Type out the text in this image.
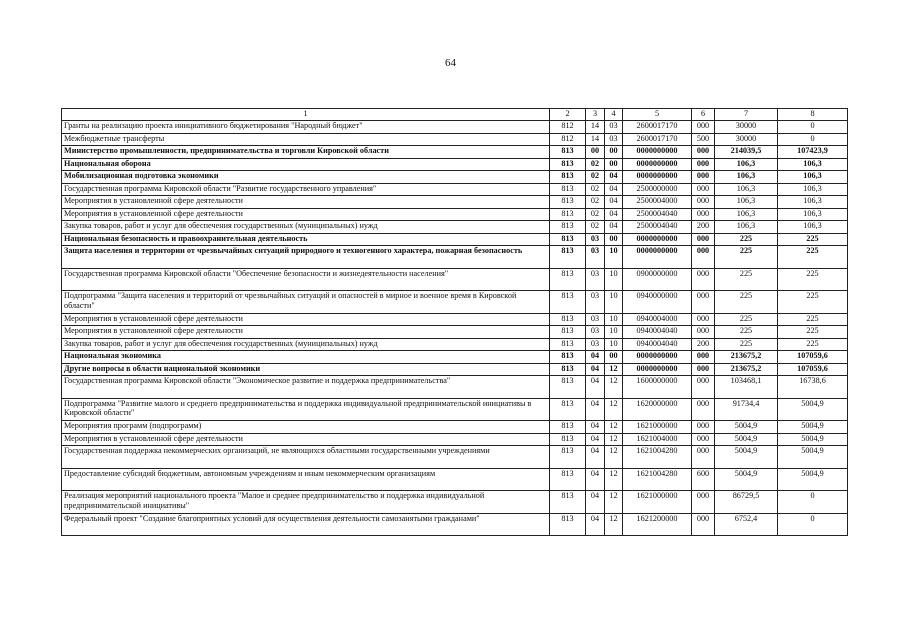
64
1	2	3	4	5	6	7	8
Гранты на реализацию проекта инициативного бюджетирования "Народный бюджет"	812	14	03	2600017170	000	30000	0
Межбюджетные трансферты	812	14	03	2600017170	500	30000	0
Министерство промышленности, предпринимательства и торговли Кировской области	813	00	00	0000000000	000	214039,5	107423,9
Национальная оборона	813	02	00	0000000000	000	106,3	106,3
Мобилизационная подготовка экономики	813	02	04	0000000000	000	106,3	106,3
Государственная программа Кировской области "Развитие государственного управления"	813	02	04	2500000000	000	106,3	106,3
Мероприятия в установленной сфере деятельности	813	02	04	2500004000	000	106,3	106,3
Мероприятия в установленной сфере деятельности	813	02	04	2500004040	000	106,3	106,3
Закупка товаров, работ и услуг для обеспечения государственных (муниципальных) нужд	813	02	04	2500004040	200	106,3	106,3
Национальная безопасность и правоохранительная деятельность	813	03	00	0000000000	000	225	225
Защита населения и территории от чрезвычайных ситуаций природного и техногенного характера, пожарная безопасность	813	03	10	0000000000	000	225	225
Государственная программа Кировской области "Обеспечение безопасности и жизнедеятельности населения"	813	03	10	0900000000	000	225	225
Подпрограмма "Защита населения и территорий от чрезвычайных ситуаций и опасностей в мирное и военное время в Кировской области"	813	03	10	0940000000	000	225	225
Мероприятия в установленной сфере деятельности	813	03	10	0940004000	000	225	225
Мероприятия в установленной сфере деятельности	813	03	10	0940004040	000	225	225
Закупка товаров, работ и услуг для обеспечения государственных (муниципальных) нужд	813	03	10	0940004040	200	225	225
Национальная экономика	813	04	00	0000000000	000	213675,2	107059,6
Другие вопросы в области национальной экономики	813	04	12	0000000000	000	213675,2	107059,6
Государственная программа Кировской области "Экономическое развитие и поддержка предпринимательства"	813	04	12	1600000000	000	103468,1	16738,6
Подпрограмма "Развитие малого и среднего предпринимательства и поддержка индивидуальной предпринимательской инициативы в Кировской области"	813	04	12	1620000000	000	91734,4	5004,9
Мероприятия программ (подпрограмм)	813	04	12	1621000000	000	5004,9	5004,9
Мероприятия в установленной сфере деятельности	813	04	12	1621004000	000	5004,9	5004,9
Государственная поддержка некоммерческих организаций, не являющихся областными государственными учреждениями	813	04	12	1621004280	000	5004,9	5004,9
Предоставление субсидий бюджетным, автономным учреждениям и иным некоммерческим организациям	813	04	12	1621004280	600	5004,9	5004,9
Реализация мероприятий национального проекта "Малое и среднее предпринимательство и поддержка индивидуальной предпринимательской инициативы"	813	04	12	1621000000	000	86729,5	0
Федеральный проект "Создание благоприятных условий для осуществления деятельности самозанятыми гражданами"	813	04	12	1621200000	000	6752,4	0
